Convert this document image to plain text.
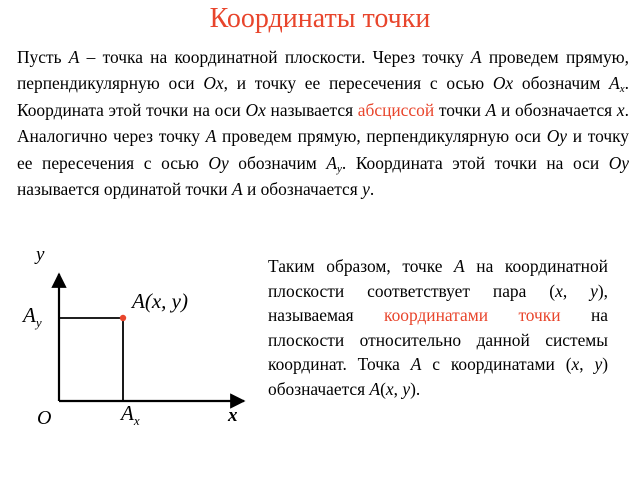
Координаты точки
Пусть A – точка на координатной плоскости. Через точку A проведем прямую, перпендикулярную оси Ox, и точку ее пересечения с осью Ox обозначим $A_x$. Координата этой точки на оси Ox называется абсциссой точки A и обозначается x. Аналогично через точку A проведем прямую, перпендикулярную оси Oy и точку ее пересечения с осью Oy обозначим $A_y$. Координата этой точки на оси Oy называется ординатой точки A и обозначается y.
Таким образом, точке A на координатной плоскости соответствует пара (x, y), называемая координатами точки на плоскости относительно данной системы координат. Точка A с координатами (x, y) обозначается A(x, y).
y
x
O
$A_y$
$A_x$
A(x, y)
